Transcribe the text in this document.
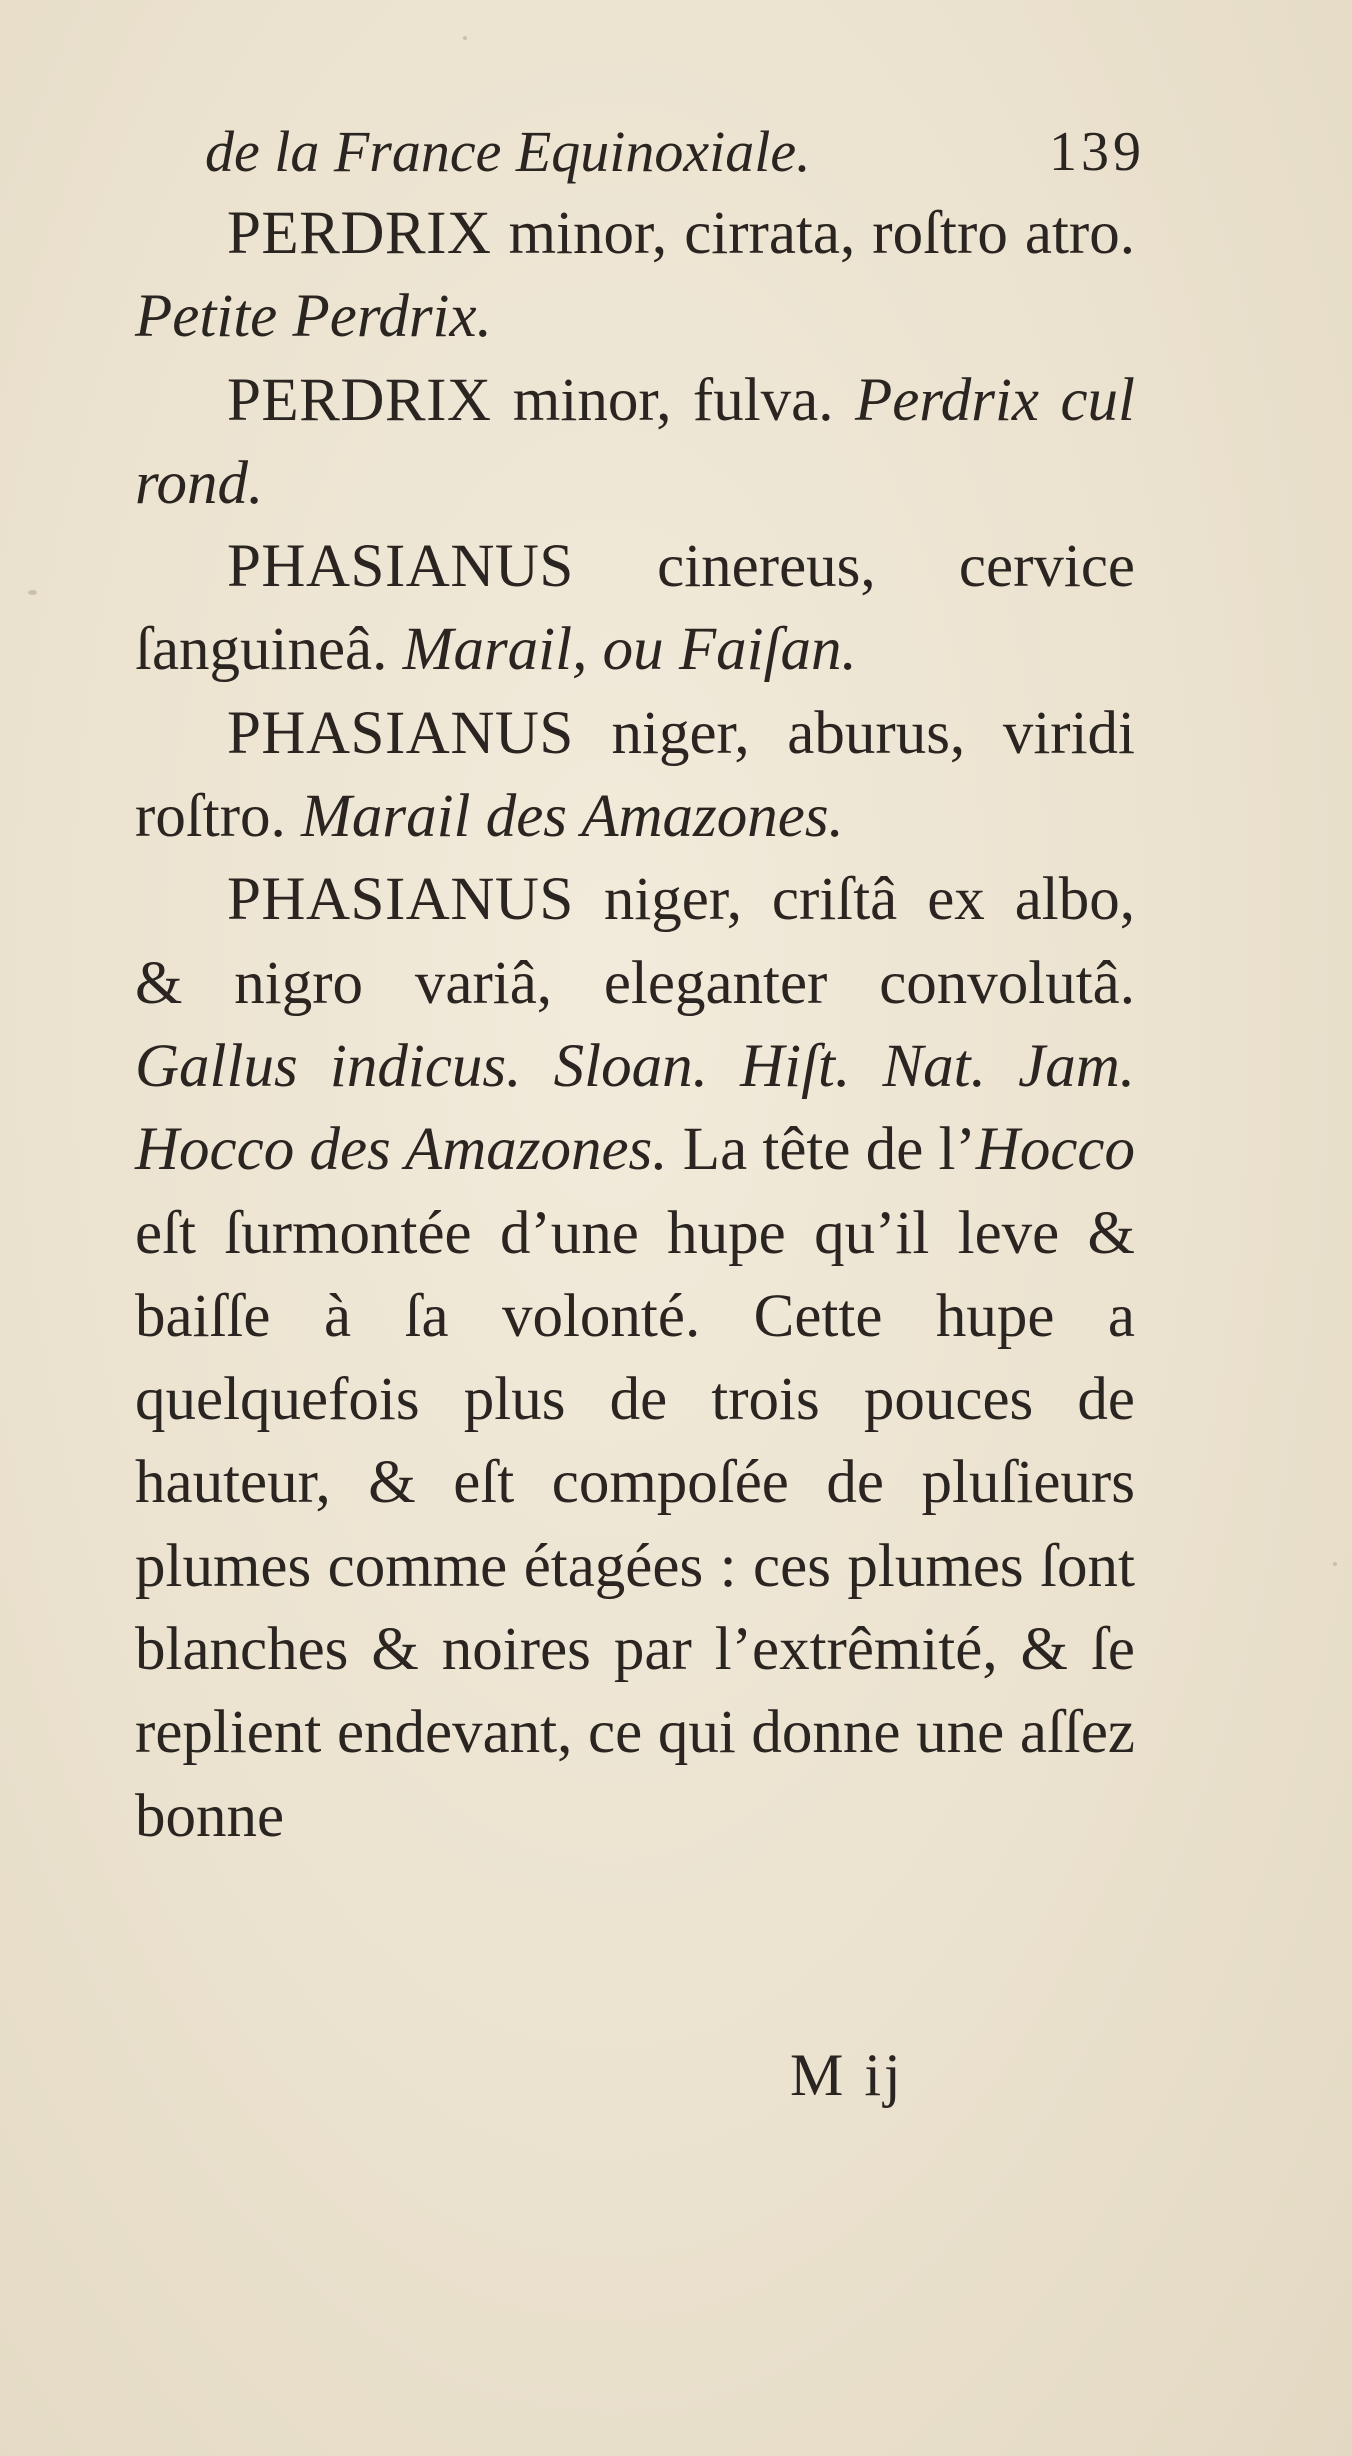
de la France Equinoxiale.	139

PERDRIX minor, cirrata, roſtro atro. Petite Perdrix.

PERDRIX minor, fulva. Perdrix cul rond.

PHASIANUS cinereus, cervice ſanguineâ. Marail, ou Faiſan.

PHASIANUS niger, aburus, viridi roſtro. Marail des Amazones.

PHASIANUS niger, criſtâ ex albo, & nigro variâ, eleganter convolutâ. Gallus indicus. Sloan. Hiſt. Nat. Jam. Hocco des Amazones. La tête de l’Hocco eſt ſurmontée d’une hupe qu’il leve & baiſſe à ſa volonté. Cette hupe a quelquefois plus de trois pouces de hauteur, & eſt compoſée de pluſieurs plumes comme étagées : ces plumes ſont blanches & noires par l’extrêmité, & ſe replient endevant, ce qui donne une aſſez bonne

M ij
